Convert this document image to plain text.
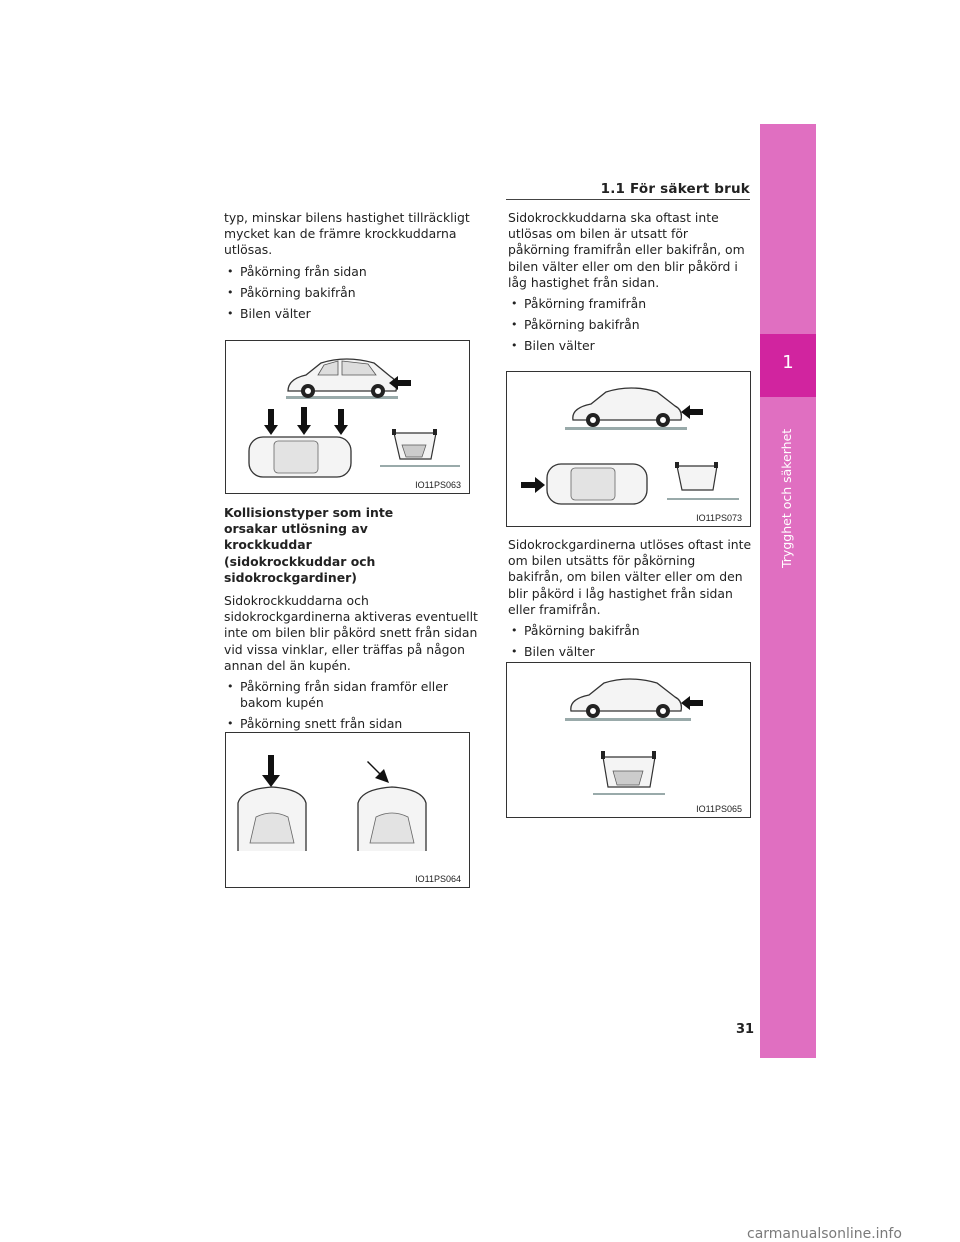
1.1 För säkert bruk
1
Trygghet och säkerhet

typ, minskar bilens hastighet tillräckligt mycket kan de främre krockkuddarna utlösas.

• Påkörning från sidan

• Påkörning bakifrån

• Bilen välter

IO11PS063

Kollisionstyper som inte orsakar utlösning av krockkuddar (sidokrockkuddar och sidokrockgardiner)

Sidokrockkuddarna och sidokrockgardinerna aktiveras eventuellt inte om bilen blir påkörd snett från sidan vid vissa vinklar, eller träffas på någon annan del än kupén.

• Påkörning från sidan framför eller bakom kupén

• Påkörning snett från sidan

IO11PS064

Sidokrockkuddarna ska oftast inte utlösas om bilen är utsatt för påkörning framifrån eller bakifrån, om bilen välter eller om den blir påkörd i låg hastighet från sidan.

• Påkörning framifrån

• Påkörning bakifrån

• Bilen välter

IO11PS073

Sidokrockgardinerna utlöses oftast inte om bilen utsätts för påkörning bakifrån, om bilen välter eller om den blir påkörd i låg hastighet från sidan eller framifrån.

• Påkörning bakifrån

• Bilen välter

IO11PS065
31
carmanualsonline.info
